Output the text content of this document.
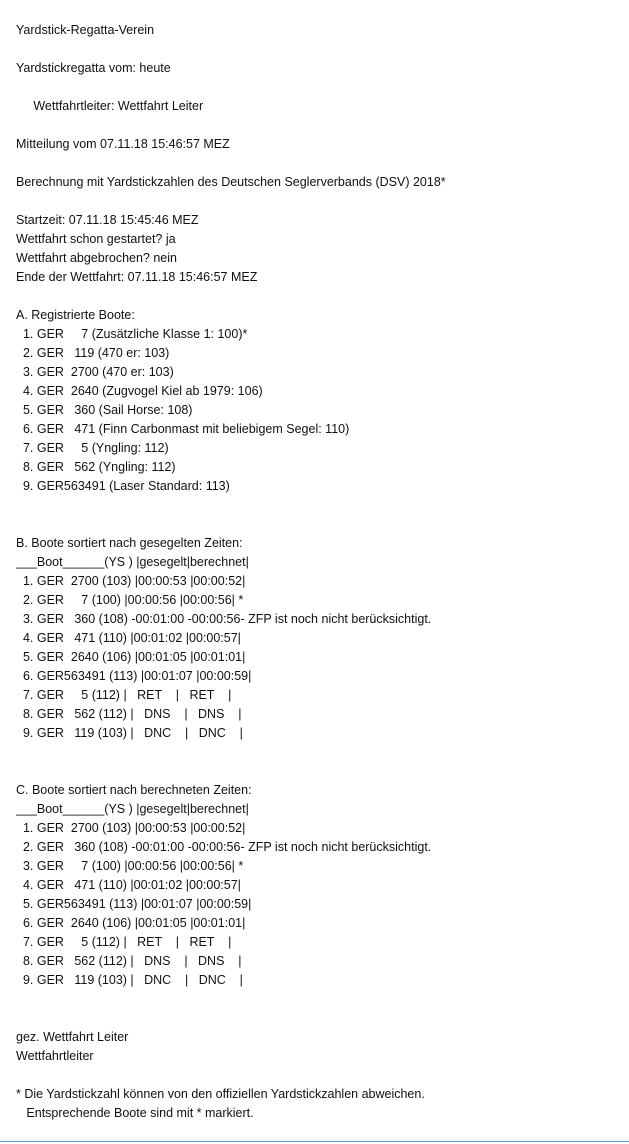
Yardstick-Regatta-Verein
Yardstickregatta vom: heute
Wettfahrtleiter: Wettfahrt Leiter
Mitteilung vom 07.11.18 15:46:57 MEZ
Berechnung mit Yardstickzahlen des Deutschen Seglerverbands (DSV) 2018*
Startzeit: 07.11.18 15:45:46 MEZ
Wettfahrt schon gestartet? ja
Wettfahrt abgebrochen? nein
Ende der Wettfahrt: 07.11.18 15:46:57 MEZ
A. Registrierte Boote:
1. GER     7 (Zusätzliche Klasse 1: 100)*
2. GER   119 (470 er: 103)
3. GER  2700 (470 er: 103)
4. GER  2640 (Zugvogel Kiel ab 1979: 106)
5. GER   360 (Sail Horse: 108)
6. GER   471 (Finn Carbonmast mit beliebigem Segel: 110)
7. GER     5 (Yngling: 112)
8. GER   562 (Yngling: 112)
9. GER563491 (Laser Standard: 113)
B. Boote sortiert nach gesegelten Zeiten:
___Boot______(YS ) |gesegelt|berechnet|
1. GER  2700 (103) |00:00:53 |00:00:52|
2. GER     7 (100) |00:00:56 |00:00:56| *
3. GER   360 (108) -00:01:00 -00:00:56- ZFP ist noch nicht berücksichtigt.
4. GER   471 (110) |00:01:02 |00:00:57|
5. GER  2640 (106) |00:01:05 |00:01:01|
6. GER563491 (113) |00:01:07 |00:00:59|
7. GER     5 (112) |   RET    |   RET    |
8. GER   562 (112) |   DNS    |   DNS    |
9. GER   119 (103) |   DNC    |   DNC    |
C. Boote sortiert nach berechneten Zeiten:
___Boot______(YS ) |gesegelt|berechnet|
1. GER  2700 (103) |00:00:53 |00:00:52|
2. GER   360 (108) -00:01:00 -00:00:56- ZFP ist noch nicht berücksichtigt.
3. GER     7 (100) |00:00:56 |00:00:56| *
4. GER   471 (110) |00:01:02 |00:00:57|
5. GER563491 (113) |00:01:07 |00:00:59|
6. GER  2640 (106) |00:01:05 |00:01:01|
7. GER     5 (112) |   RET    |   RET    |
8. GER   562 (112) |   DNS    |   DNS    |
9. GER   119 (103) |   DNC    |   DNC    |
gez. Wettfahrt Leiter
Wettfahrtleiter
* Die Yardstickzahl können von den offiziellen Yardstickzahlen abweichen.
Entsprechende Boote sind mit * markiert.
